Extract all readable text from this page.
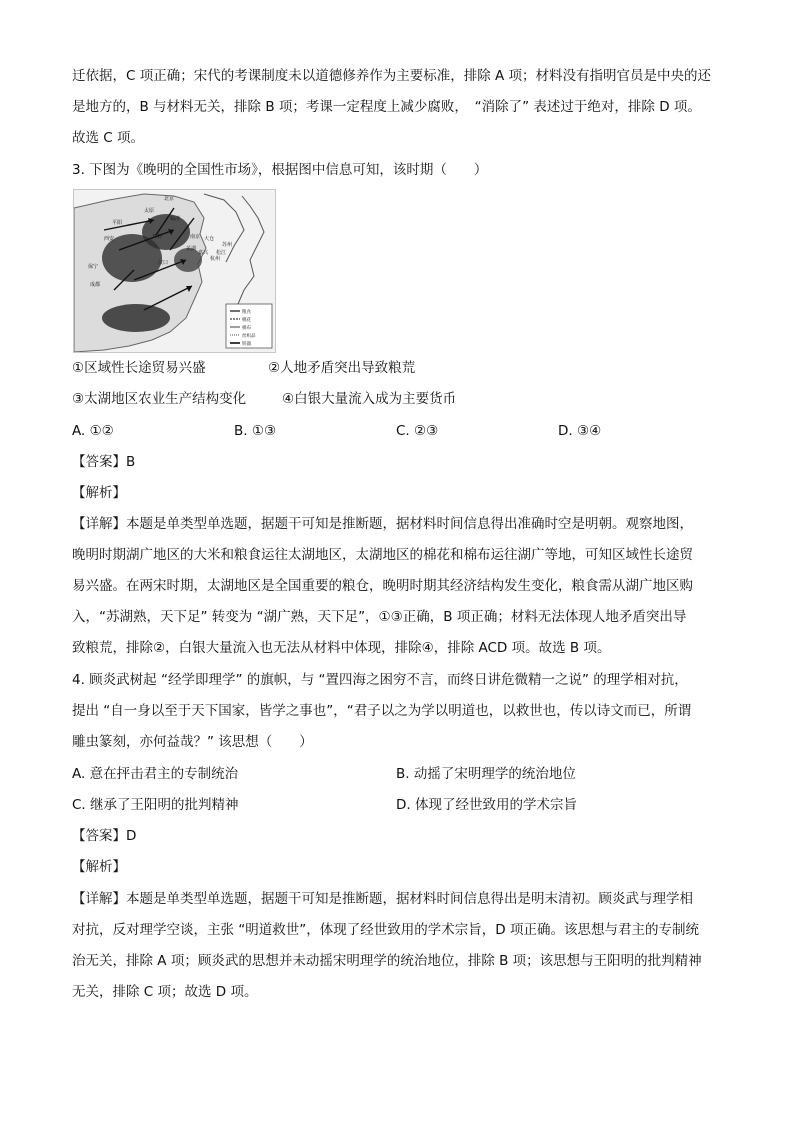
迁依据，C 项正确；宋代的考课制度未以道德修养作为主要标准，排除 A 项；材料没有指明官员是中央的还
是地方的，B 与材料无关，排除 B 项；考课一定程度上减少腐败，　“消除了” 表述过于绝对，排除 D 项。
故选 C 项。
3. 下图为《晚明的全国性市场》，根据图中信息可知，该时期（　　）
北京
太原
平阳
西安	开封
临清
成都
保宁
苏州
杭州
松江
嘉兴
大仓
芜湖
南京
汉口
粮食
棉花
棉布
丝织品
铁器
①区域性长途贸易兴盛	②人地矛盾突出导致粮荒
③太湖地区农业生产结构变化	④白银大量流入成为主要货币
A. ①②	B. ①③	C. ②③	D. ③④
【答案】B
【解析】
【详解】本题是单类型单选题，据题干可知是推断题，据材料时间信息得出准确时空是明朝。观察地图，
晚明时期湖广地区的大米和粮食运往太湖地区，太湖地区的棉花和棉布运往湖广等地，可知区域性长途贸
易兴盛。在两宋时期，太湖地区是全国重要的粮仓，晚明时期其经济结构发生变化，粮食需从湖广地区购
入，“苏湖熟，天下足” 转变为 “湖广熟，天下足”，①③正确，B 项正确；材料无法体现人地矛盾突出导
致粮荒，排除②，白银大量流入也无法从材料中体现，排除④，排除 ACD 项。故选 B 项。
4. 顾炎武树起 “经学即理学” 的旗帜，与 “置四海之困穷不言，而终日讲危微精一之说” 的理学相对抗，
提出 “自一身以至于天下国家，皆学之事也”，“君子以之为学以明道也，以救世也，传以诗文而已，所谓
雕虫篆刻，亦何益哉？” 该思想（　　）
A. 意在抨击君主的专制统治	B. 动摇了宋明理学的统治地位
C. 继承了王阳明的批判精神	D. 体现了经世致用的学术宗旨
【答案】D
【解析】
【详解】本题是单类型单选题，据题干可知是推断题，据材料时间信息得出是明末清初。顾炎武与理学相
对抗，反对理学空谈，主张 “明道救世”，体现了经世致用的学术宗旨，D 项正确。该思想与君主的专制统
治无关，排除 A 项；顾炎武的思想并未动摇宋明理学的统治地位，排除 B 项；该思想与王阳明的批判精神
无关，排除 C 项；故选 D 项。
